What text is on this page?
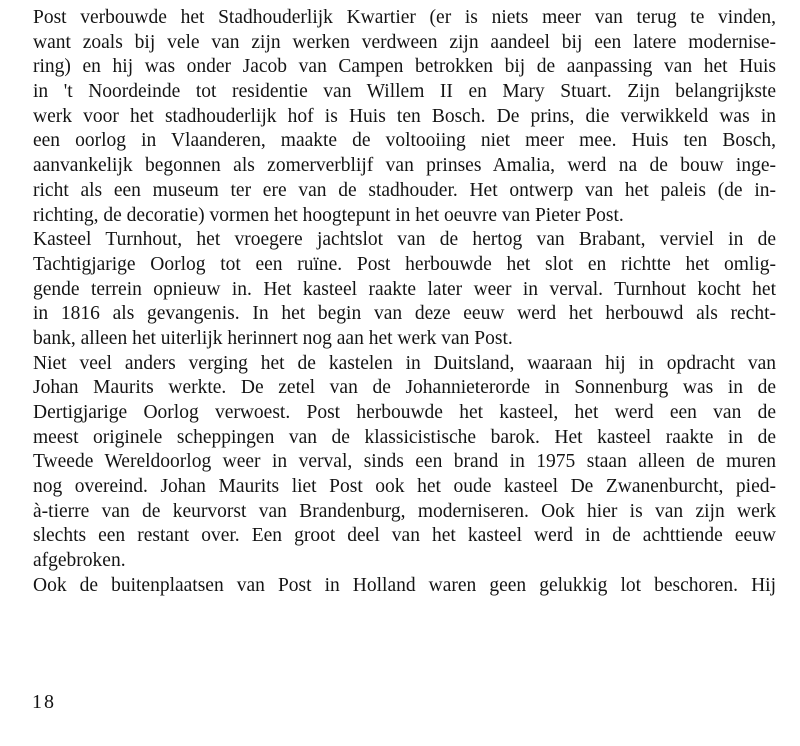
Post verbouwde het Stadhouderlijk Kwartier (er is niets meer van terug te vinden,
want zoals bij vele van zijn werken verdween zijn aandeel bij een latere modernise-
ring) en hij was onder Jacob van Campen betrokken bij de aanpassing van het Huis
in 't Noordeinde tot residentie van Willem II en Mary Stuart. Zijn belangrijkste
werk voor het stadhouderlijk hof is Huis ten Bosch. De prins, die verwikkeld was in
een oorlog in Vlaanderen, maakte de voltooiing niet meer mee. Huis ten Bosch,
aanvankelijk begonnen als zomerverblijf van prinses Amalia, werd na de bouw inge-
richt als een museum ter ere van de stadhouder. Het ontwerp van het paleis (de in-
richting, de decoratie) vormen het hoogtepunt in het oeuvre van Pieter Post.
Kasteel Turnhout, het vroegere jachtslot van de hertog van Brabant, verviel in de
Tachtigjarige Oorlog tot een ruïne. Post herbouwde het slot en richtte het omlig-
gende terrein opnieuw in. Het kasteel raakte later weer in verval. Turnhout kocht het
in 1816 als gevangenis. In het begin van deze eeuw werd het herbouwd als recht-
bank, alleen het uiterlijk herinnert nog aan het werk van Post.
Niet veel anders verging het de kastelen in Duitsland, waaraan hij in opdracht van
Johan Maurits werkte. De zetel van de Johannieterorde in Sonnenburg was in de
Dertigjarige Oorlog verwoest. Post herbouwde het kasteel, het werd een van de
meest originele scheppingen van de klassicistische barok. Het kasteel raakte in de
Tweede Wereldoorlog weer in verval, sinds een brand in 1975 staan alleen de muren
nog overeind. Johan Maurits liet Post ook het oude kasteel De Zwanenburcht, pied-
à-tierre van de keurvorst van Brandenburg, moderniseren. Ook hier is van zijn werk
slechts een restant over. Een groot deel van het kasteel werd in de achttiende eeuw
afgebroken.
Ook de buitenplaatsen van Post in Holland waren geen gelukkig lot beschoren. Hij
18
